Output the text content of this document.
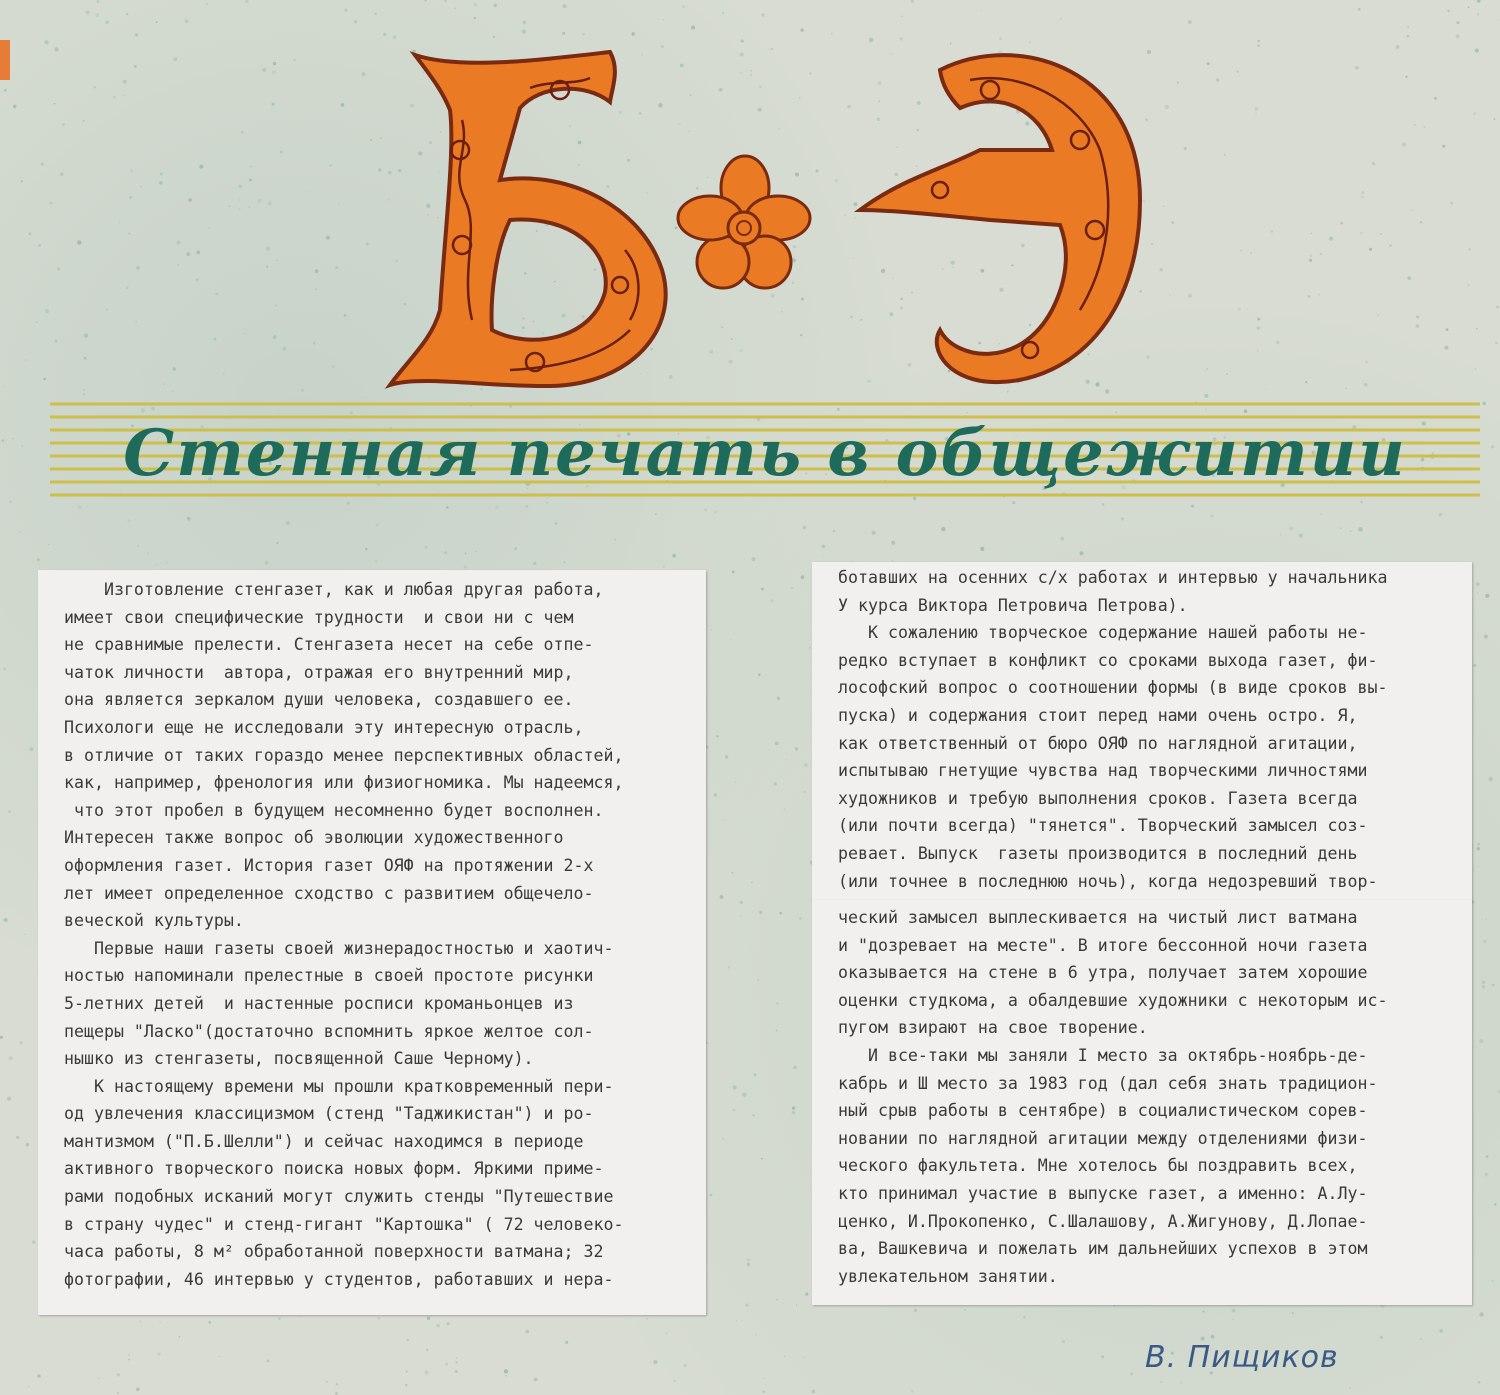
Стенная печать в общежитии
Изготовление стенгазет, как и любая другая работа,
имеет свои специфические трудности  и свои ни с чем
не сравнимые прелести. Стенгазета несет на себе отпе-
чаток личности  автора, отражая его внутренний мир,
она является зеркалом души человека, создавшего ее.
Психологи еще не исследовали эту интересную отрасль,
в отличие от таких гораздо менее перспективных областей,
как, например, френология или физиогномика. Мы надеемся,
что этот пробел в будущем несомненно будет восполнен.
Интересен также вопрос об эволюции художественного
оформления газет. История газет ОЯФ на протяжении 2-х
лет имеет определенное сходство с развитием общечело-
веческой культуры.
Первые наши газеты своей жизнерадостностью и хаотич-
ностью напоминали прелестные в своей простоте рисунки
5-летних детей  и настенные росписи кроманьонцев из
пещеры "Ласко"(достаточно вспомнить яркое желтое сол-
нышко из стенгазеты, посвященной Саше Черному).
К настоящему времени мы прошли кратковременный пери-
од увлечения классицизмом (стенд "Таджикистан") и ро-
мантизмом ("П.Б.Шелли") и сейчас находимся в периоде
активного творческого поиска новых форм. Яркими приме-
рами подобных исканий могут служить стенды "Путешествие
в страну чудес" и стенд-гигант "Картошка" ( 72 человеко-
часа работы, 8 м² обработанной поверхности ватмана; 32
фотографии, 46 интервью у студентов, работавших и нера-
ботавших на осенних с/х работах и интервью у начальника
У курса Виктора Петровича Петрова).
К сожалению творческое содержание нашей работы не-
редко вступает в конфликт со сроками выхода газет, фи-
лософский вопрос о соотношении формы (в виде сроков вы-
пуска) и содержания стоит перед нами очень остро. Я,
как ответственный от бюро ОЯФ по наглядной агитации,
испытываю гнетущие чувства над творческими личностями
художников и требую выполнения сроков. Газета всегда
(или почти всегда) "тянется". Творческий замысел соз-
ревает. Выпуск  газеты производится в последний день
(или точнее в последнюю ночь), когда недозревший твор-
ческий замысел выплескивается на чистый лист ватмана
и "дозревает на месте". В итоге бессонной ночи газета
оказывается на стене в 6 утра, получает затем хорошие
оценки студкома, а обалдевшие художники с некоторым ис-
пугом взирают на свое творение.
И все-таки мы заняли I место за октябрь-ноябрь-де-
кабрь и Ш место за 1983 год (дал себя знать традицион-
ный срыв работы в сентябре) в социалистическом сорев-
новании по наглядной агитации между отделениями физи-
ческого факультета. Мне хотелось бы поздравить всех,
кто принимал участие в выпуске газет, а именно: А.Лу-
ценко, И.Прокопенко, С.Шалашову, А.Жигунову, Д.Лопае-
ва, Вашкевича и пожелать им дальнейших успехов в этом
увлекательном занятии.
В. Пищиков
